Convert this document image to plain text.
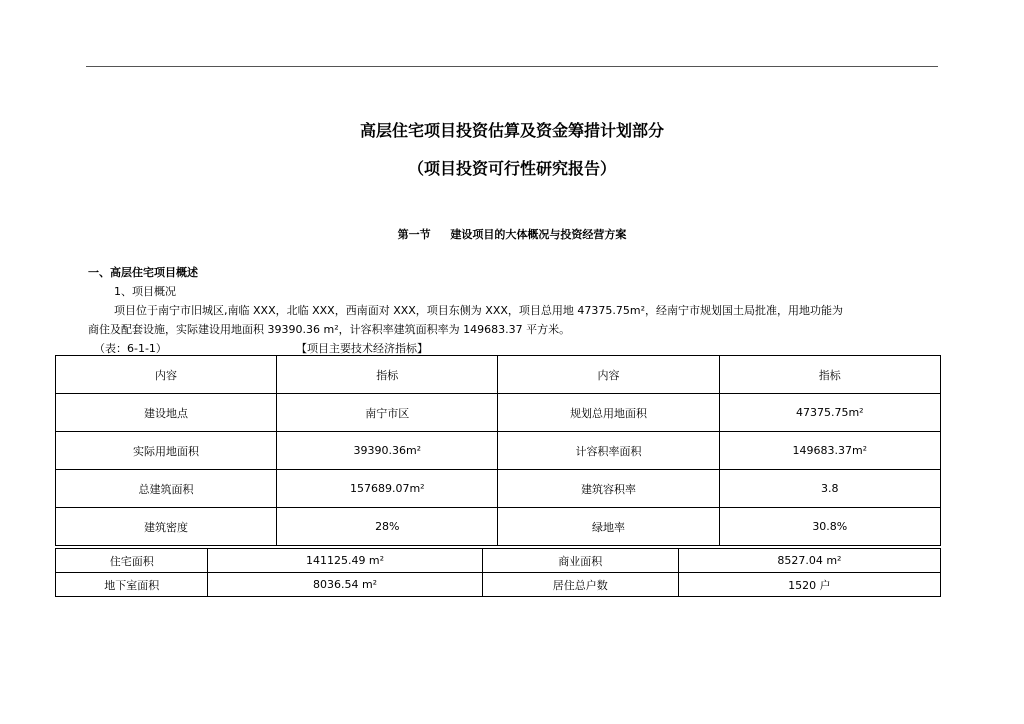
高层住宅项目投资估算及资金筹措计划部分
（项目投资可行性研究报告）
第一节 建设项目的大体概况与投资经营方案
一、高层住宅项目概述
1、项目概况
项目位于南宁市旧城区,南临 XXX，北临 XXX，西南面对 XXX，项目东侧为 XXX，项目总用地 47375.75m²，经南宁市规划国土局批准，用地功能为
商住及配套设施，实际建设用地面积 39390.36 m²，计容积率建筑面积率为 149683.37 平方米。
（表：6-1-1）	【项目主要技术经济指标】
内容	指标	内容	指标
建设地点	南宁市区	规划总用地面积	47375.75m²
实际用地面积	39390.36m²	计容积率面积	149683.37m²
总建筑面积	157689.07m²	建筑容积率	3.8
建筑密度	28%	绿地率	30.8%
住宅面积	141125.49 m²	商业面积	8527.04 m²
地下室面积	8036.54 m²	居住总户数	1520 户
